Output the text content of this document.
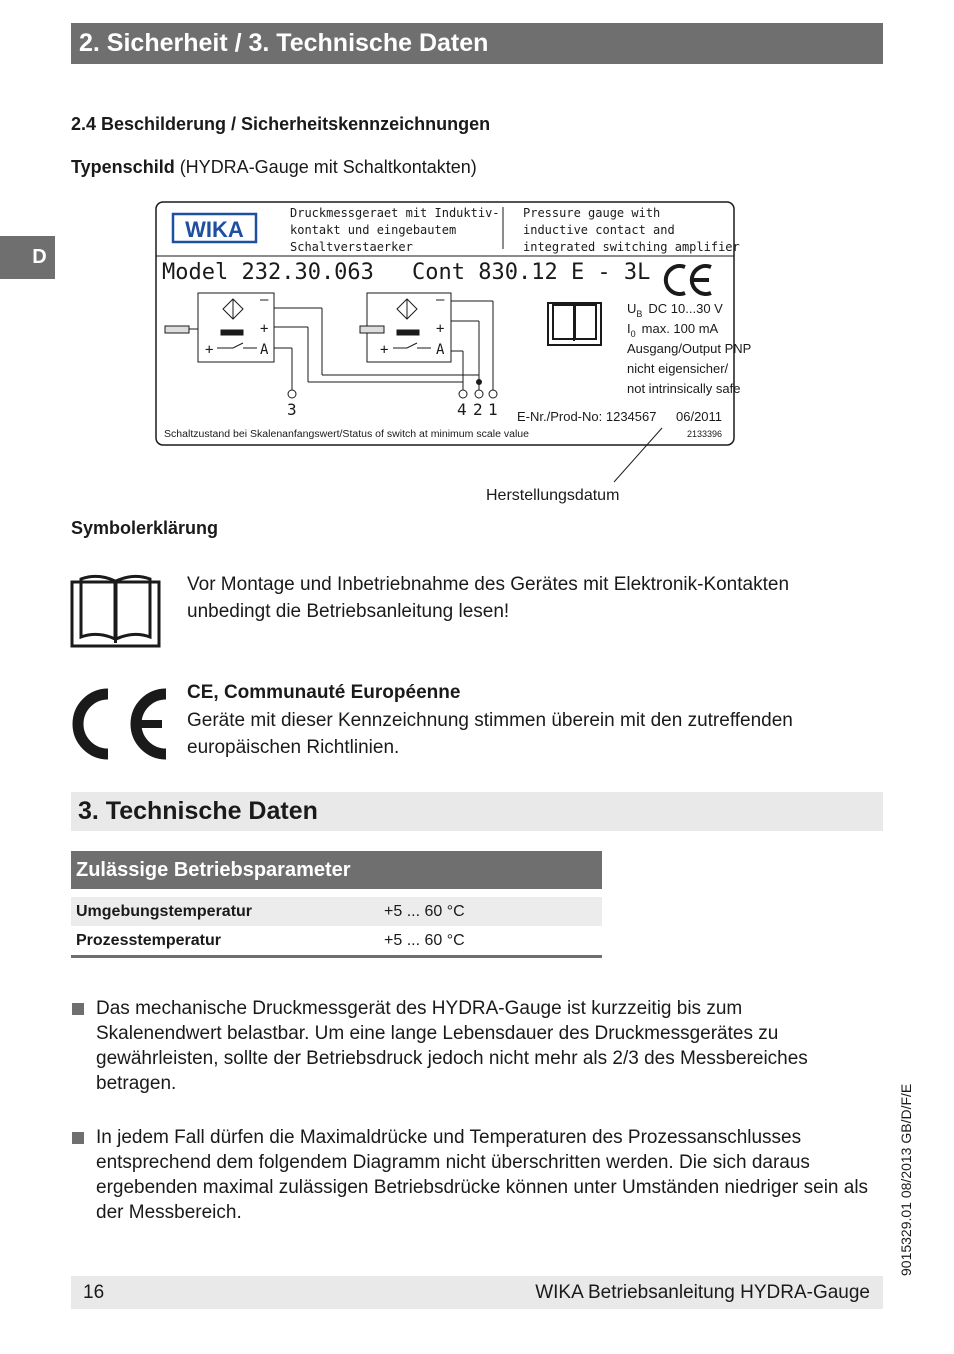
2. Sicherheit / 3. Technische Daten
D
2.4 Beschilderung / Sicherheitskennzeichnungen
Typenschild (HYDRA-Gauge mit Schaltkontakten)
WIKA
Druckmessgeraet mit Induktiv-
kontakt und eingebautem
Schaltverstaerker
Pressure gauge with
inductive contact and
integrated switching amplifier
Model 232.30.063 Cont 830.12 E - 3L
–
+
+	A
3
–
+
+	A
4 2 1
$U_B$ DC 10...30 V
$I_0$ max. 100 mA
Ausgang/Output PNP
nicht eigensicher/
not intrinsically safe
E-Nr./Prod-No: 1234567 06/2011
2133396
Schaltzustand bei Skalenanfangswert/Status of switch at minimum scale value
Herstellungsdatum
Symbolerklärung
Vor Montage und Inbetriebnahme des Gerätes mit Elektronik-Kontakten unbedingt die Betriebsanleitung lesen!
CE, Communauté Européenne
Geräte mit dieser Kennzeichnung stimmen überein mit den zutreffenden europäischen Richtlinien.
3. Technische Daten
Zulässige Betriebsparameter
Umgebungstemperatur	+5 ... 60 °C
Prozesstemperatur	+5 ... 60 °C
Das mechanische Druckmessgerät des HYDRA-Gauge ist kurzzeitig bis zum Skalenendwert belastbar. Um eine lange Lebensdauer des Druckmessgerätes zu gewährleisten, sollte der Betriebsdruck jedoch nicht mehr als 2/3 des Messbereiches betragen.
In jedem Fall dürfen die Maximaldrücke und Temperaturen des Prozessanschlusses entsprechend dem folgendem Diagramm nicht überschritten werden. Die sich daraus ergebenden maximal zulässigen Betriebsdrücke können unter Umständen niedriger sein als der Messbereich.
16	WIKA Betriebsanleitung HYDRA-Gauge
9015329.01 08/2013 GB/D/F/E
